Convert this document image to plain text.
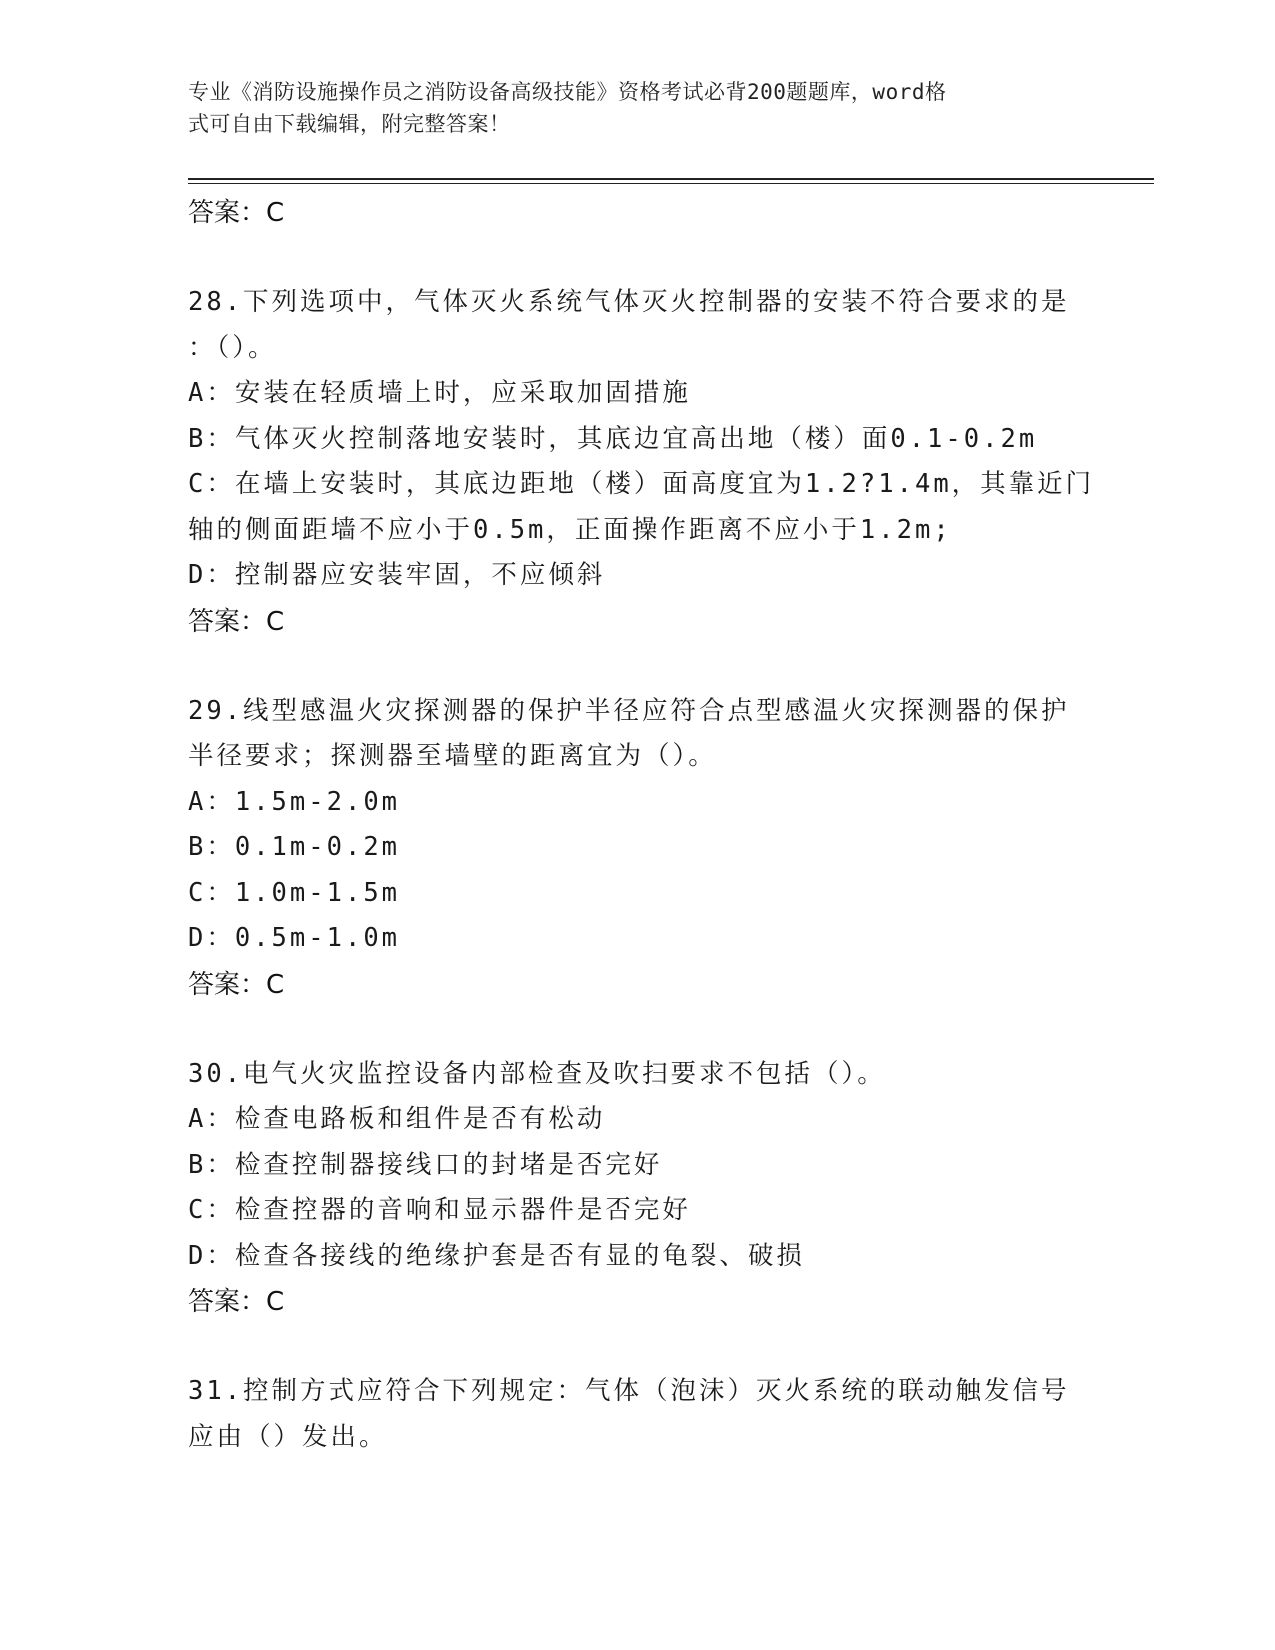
专业《消防设施操作员之消防设备高级技能》资格考试必背200题题库，word格
式可自由下载编辑，附完整答案！
答案：C
28.下列选项中，气体灭火系统气体灭火控制器的安装不符合要求的是
：（）。
A：安装在轻质墙上时，应采取加固措施
B：气体灭火控制落地安装时，其底边宜高出地（楼）面0.1-0.2m
C：在墙上安装时，其底边距地（楼）面高度宜为1.2?1.4m，其靠近门
轴的侧面距墙不应小于0.5m，正面操作距离不应小于1.2m;
D：控制器应安装牢固，不应倾斜
答案：C
29.线型感温火灾探测器的保护半径应符合点型感温火灾探测器的保护
半径要求；探测器至墙壁的距离宜为（）。
A：1.5m-2.0m
B：0.1m-0.2m
C：1.0m-1.5m
D：0.5m-1.0m
答案：C
30.电气火灾监控设备内部检查及吹扫要求不包括（）。
A：检查电路板和组件是否有松动
B：检查控制器接线口的封堵是否完好
C：检查控器的音响和显示器件是否完好
D：检查各接线的绝缘护套是否有显的龟裂、破损
答案：C
31.控制方式应符合下列规定：气体（泡沫）灭火系统的联动触发信号
应由（）发出。
